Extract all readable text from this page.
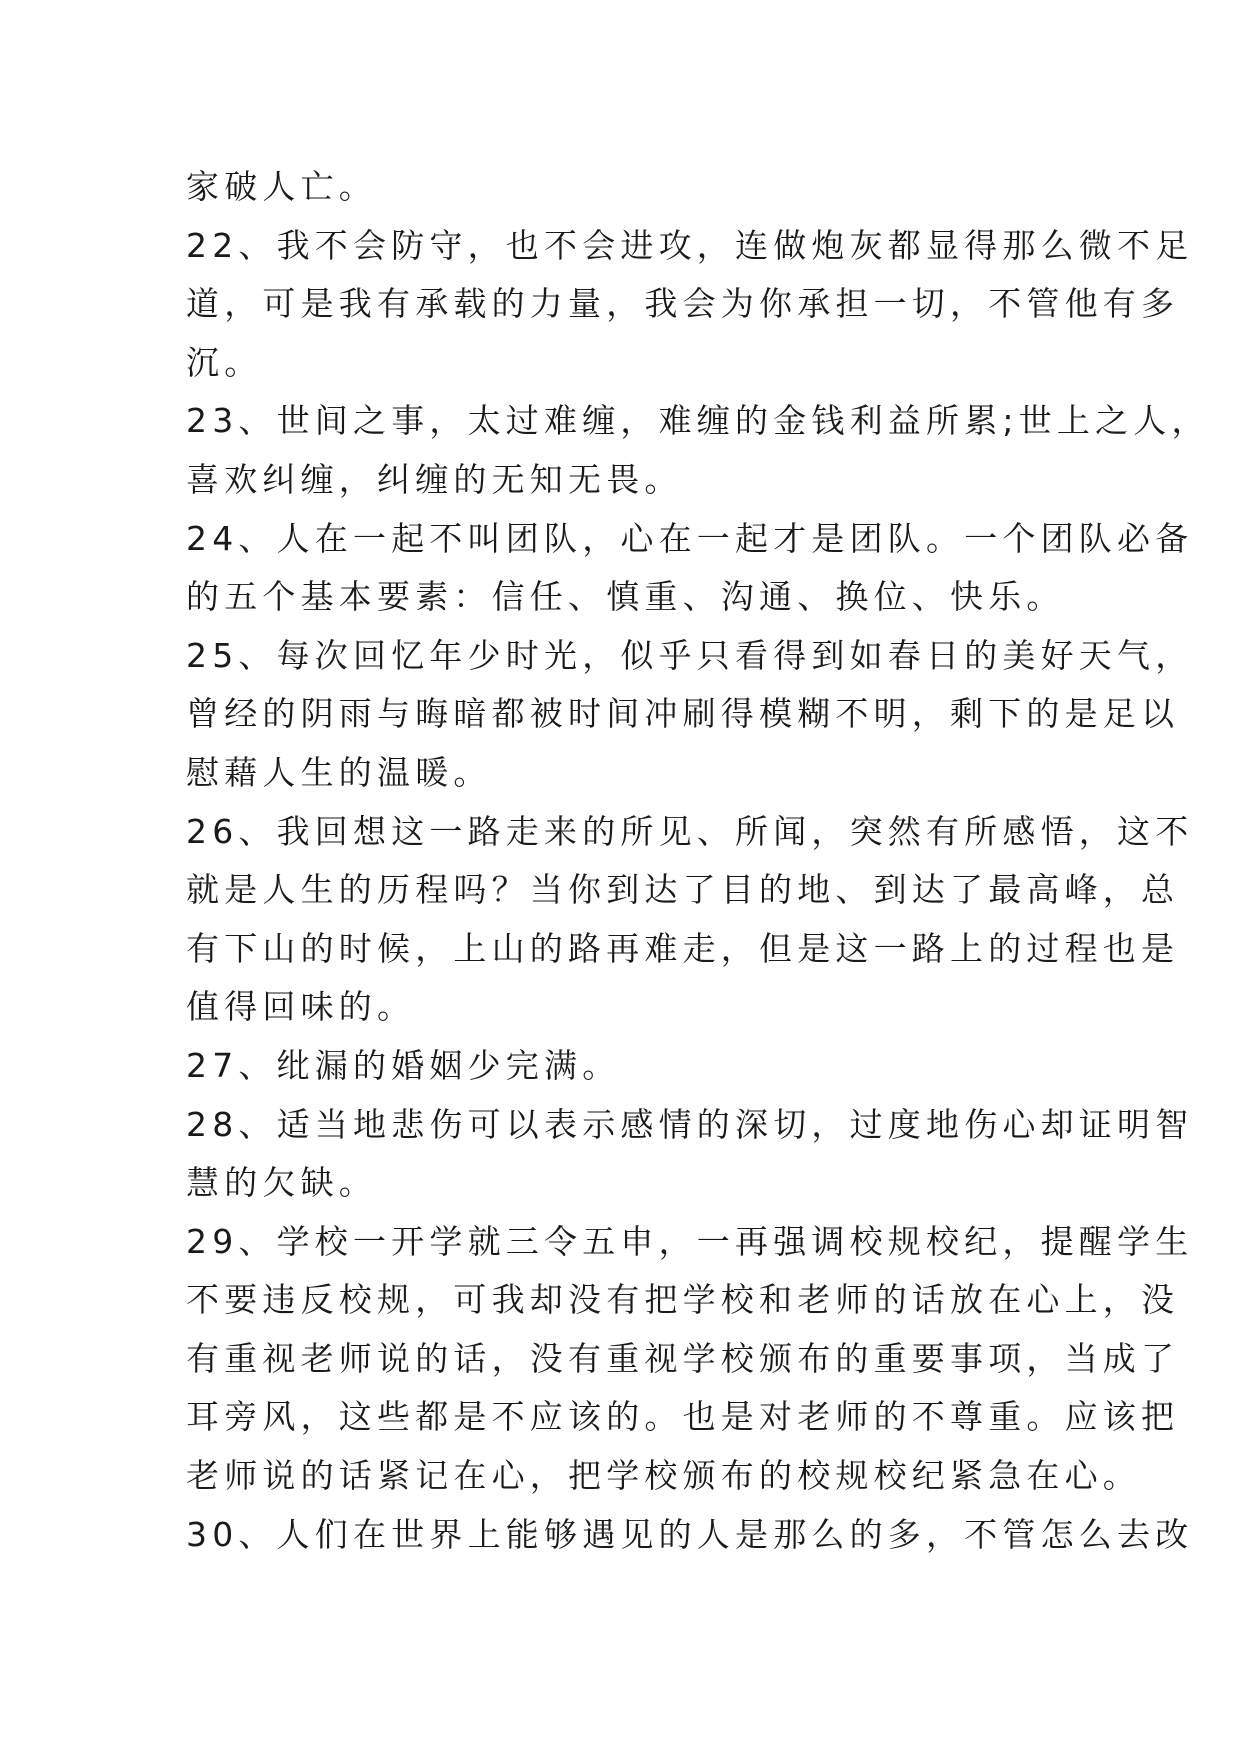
家破人亡。
22、我不会防守，也不会进攻，连做炮灰都显得那么微不足
道，可是我有承载的力量，我会为你承担一切，不管他有多
沉。
23、世间之事，太过难缠，难缠的金钱利益所累;世上之人，
喜欢纠缠，纠缠的无知无畏。
24、人在一起不叫团队，心在一起才是团队。一个团队必备
的五个基本要素：信任、慎重、沟通、换位、快乐。
25、每次回忆年少时光，似乎只看得到如春日的美好天气，
曾经的阴雨与晦暗都被时间冲刷得模糊不明，剩下的是足以
慰藉人生的温暖。
26、我回想这一路走来的所见、所闻，突然有所感悟，这不
就是人生的历程吗？当你到达了目的地、到达了最高峰，总
有下山的时候，上山的路再难走，但是这一路上的过程也是
值得回味的。
27、纰漏的婚姻少完满。
28、适当地悲伤可以表示感情的深切，过度地伤心却证明智
慧的欠缺。
29、学校一开学就三令五申，一再强调校规校纪，提醒学生
不要违反校规，可我却没有把学校和老师的话放在心上，没
有重视老师说的话，没有重视学校颁布的重要事项，当成了
耳旁风，这些都是不应该的。也是对老师的不尊重。应该把
老师说的话紧记在心，把学校颁布的校规校纪紧急在心。
30、人们在世界上能够遇见的人是那么的多，不管怎么去改
